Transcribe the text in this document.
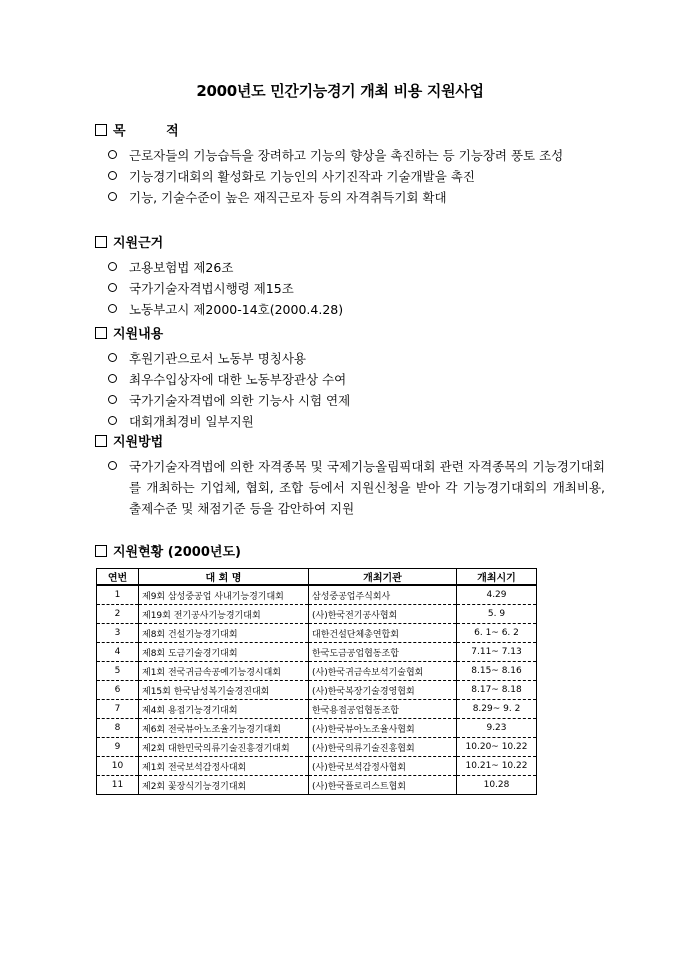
2000년도 민간기능경기 개최 비용 지원사업
목 적
근로자들의 기능습득을 장려하고 기능의 향상을 촉진하는 등 기능장려 풍토 조성
기능경기대회의 활성화로 기능인의 사기진작과 기술개발을 촉진
기능, 기술수준이 높은 재직근로자 등의 자격취득기회 확대
지원근거
고용보험법 제26조
국가기술자격법시행령 제15조
노동부고시 제2000-14호(2000.4.28)
지원내용
후원기관으로서 노동부 명칭사용
최우수입상자에 대한 노동부장관상 수여
국가기술자격법에 의한 기능사 시험 연제
대회개최경비 일부지원
지원방법
국가기술자격법에 의한 자격종목 및 국제기능올림픽대회 관련 자격종목의 기능경기대회를 개최하는 기업체, 협회, 조합 등에서 지원신청을 받아 각 기능경기대회의 개최비용, 출제수준 및 채점기준 등을 감안하여 지원
지원현황 (2000년도)
연번	대 회 명	개최기관	개최시기
1	제9회 삼성중공업 사내기능경기대회	삼성중공업주식회사	4.29
2	제19회 전기공사기능경기대회	(사)한국전기공사협회	5. 9
3	제8회 건설기능경기대회	대한건설단체총연합회	6. 1~ 6. 2
4	제8회 도금기술경기대회	한국도금공업협동조합	7.11~ 7.13
5	제1회 전국귀금속공예기능경시대회	(사)한국귀금속보석기술협회	8.15~ 8.16
6	제15회 한국남성복기술경진대회	(사)한국복장기술경영협회	8.17~ 8.18
7	제4회 용접기능경기대회	한국용접공업협동조합	8.29~ 9. 2
8	제6회 전국뷰아노조율기능경기대회	(사)한국뷰아노조율사협회	9.23
9	제2회 대한민국의류기술진흥경기대회	(사)한국의류기술진흥협회	10.20~ 10.22
10	제1회 전국보석감정사대회	(사)한국보석감정사협회	10.21~ 10.22
11	제2회 꽃장식기능경기대회	(사)한국플로리스트협회	10.28
